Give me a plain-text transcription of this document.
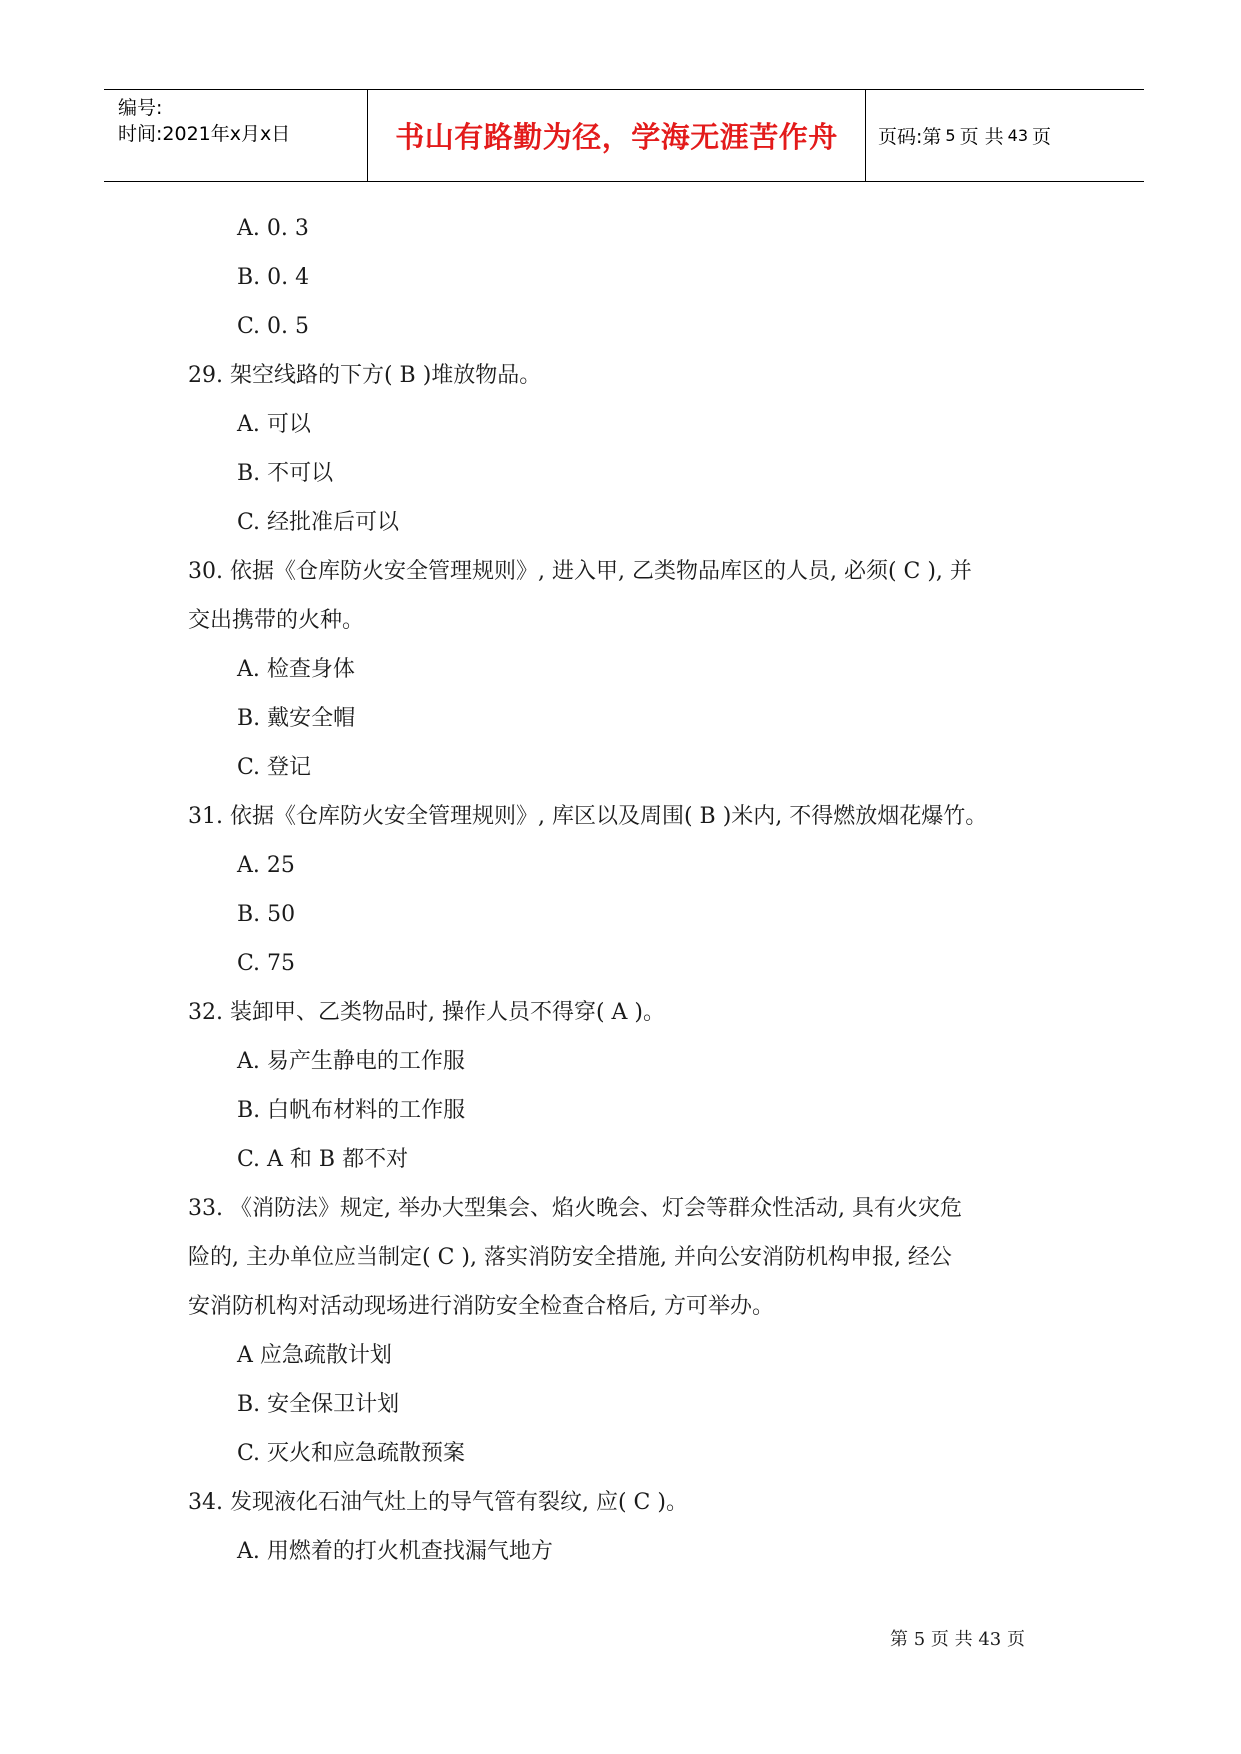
编号:
时间:2021年x月x日	书山有路勤为径，学海无涯苦作舟	页码:第 5 页 共 43 页
A. 0. 3
B. 0. 4
C. 0. 5
29. 架空线路的下方( B )堆放物品。
A. 可以
B. 不可以
C. 经批准后可以
30. 依据《仓库防火安全管理规则》, 进入甲, 乙类物品库区的人员, 必须( C ), 并
交出携带的火种。
A. 检查身体
B. 戴安全帽
C. 登记
31. 依据《仓库防火安全管理规则》, 库区以及周围( B )米内, 不得燃放烟花爆竹。
A. 25
B. 50
C. 75
32. 装卸甲、乙类物品时, 操作人员不得穿( A )。
A. 易产生静电的工作服
B. 白帆布材料的工作服
C. A 和 B 都不对
33. 《消防法》规定, 举办大型集会、焰火晚会、灯会等群众性活动, 具有火灾危
险的, 主办单位应当制定( C ), 落实消防安全措施, 并向公安消防机构申报, 经公
安消防机构对活动现场进行消防安全检查合格后, 方可举办。
A 应急疏散计划
B. 安全保卫计划
C. 灭火和应急疏散预案
34. 发现液化石油气灶上的导气管有裂纹, 应( C )。
A. 用燃着的打火机查找漏气地方
第 5 页 共 43 页
